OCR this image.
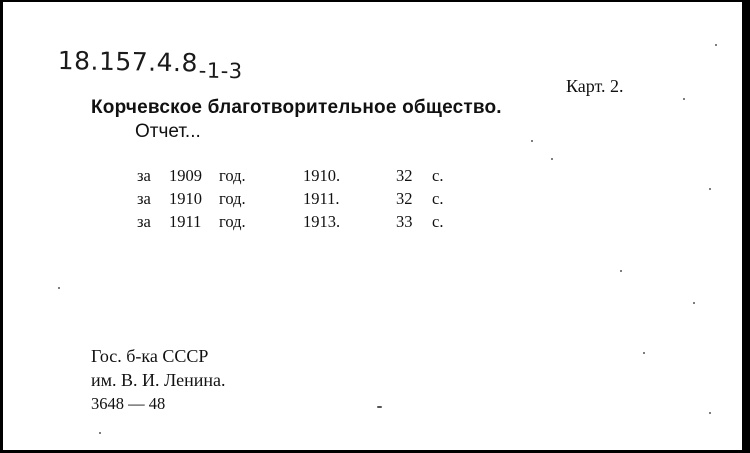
$18.157.4.8_{-1-3}$
Карт. 2.
Корчевское благотворительное общество.
Отчет...
за 1909 год.	1910.	32 с.
за 1910 год.	1911.	32 с.
за 1911 год.	1913.	33 с.
Гос. б-ка СССР
им. В. И. Ленина.
3648 — 48
